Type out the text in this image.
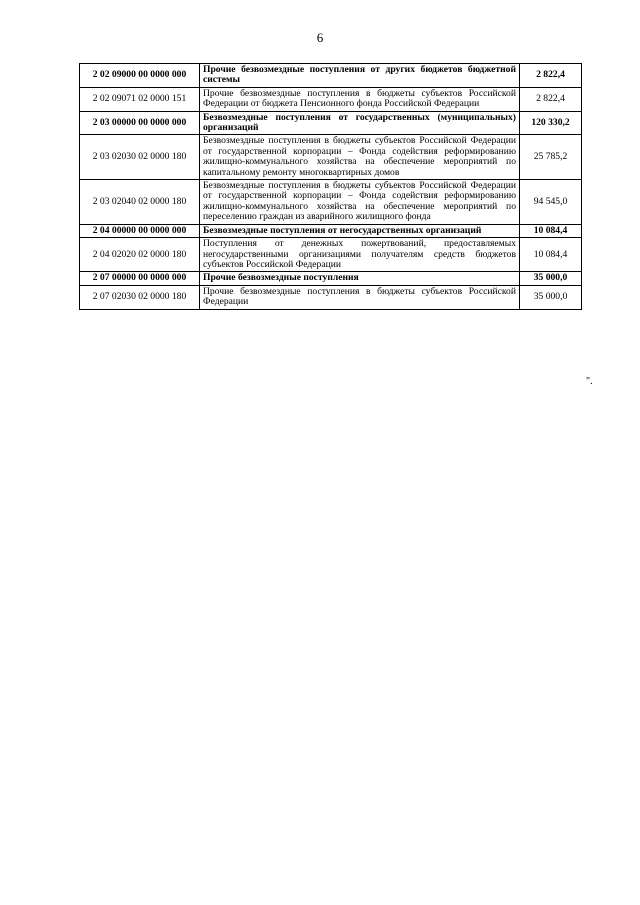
6
2 02 09000 00 0000 000	Прочие безвозмездные поступления от других бюджетов бюджетной системы	2 822,4
2 02 09071 02 0000 151	Прочие безвозмездные поступления в бюджеты субъектов Российской Федерации от бюджета Пенсионного фонда Российской Федерации	2 822,4
2 03 00000 00 0000 000	Безвозмездные поступления от государственных (муниципальных) организаций	120 330,2
2 03 02030 02 0000 180	Безвозмездные поступления в бюджеты субъектов Российской Федерации от государственной корпорации – Фонда содействия реформированию жилищно-коммунального хозяйства на обеспечение мероприятий по капитальному ремонту многоквартирных домов	25 785,2
2 03 02040 02 0000 180	Безвозмездные поступления в бюджеты субъектов Российской Федерации от государственной корпорации – Фонда содействия реформированию жилищно-коммунального хозяйства на обеспечение мероприятий по переселению граждан из аварийного жилищного фонда	94 545,0
2 04 00000 00 0000 000	Безвозмездные поступления от негосударственных организаций	10 084,4
2 04 02020 02 0000 180	Поступления от денежных пожертвований, предоставляемых негосударственными организациями получателям средств бюджетов субъектов Российской Федерации	10 084,4
2 07 00000 00 0000 000	Прочие безвозмездные поступления	35 000,0
2 07 02030 02 0000 180	Прочие безвозмездные поступления в бюджеты субъектов Российской Федерации	35 000,0
".
